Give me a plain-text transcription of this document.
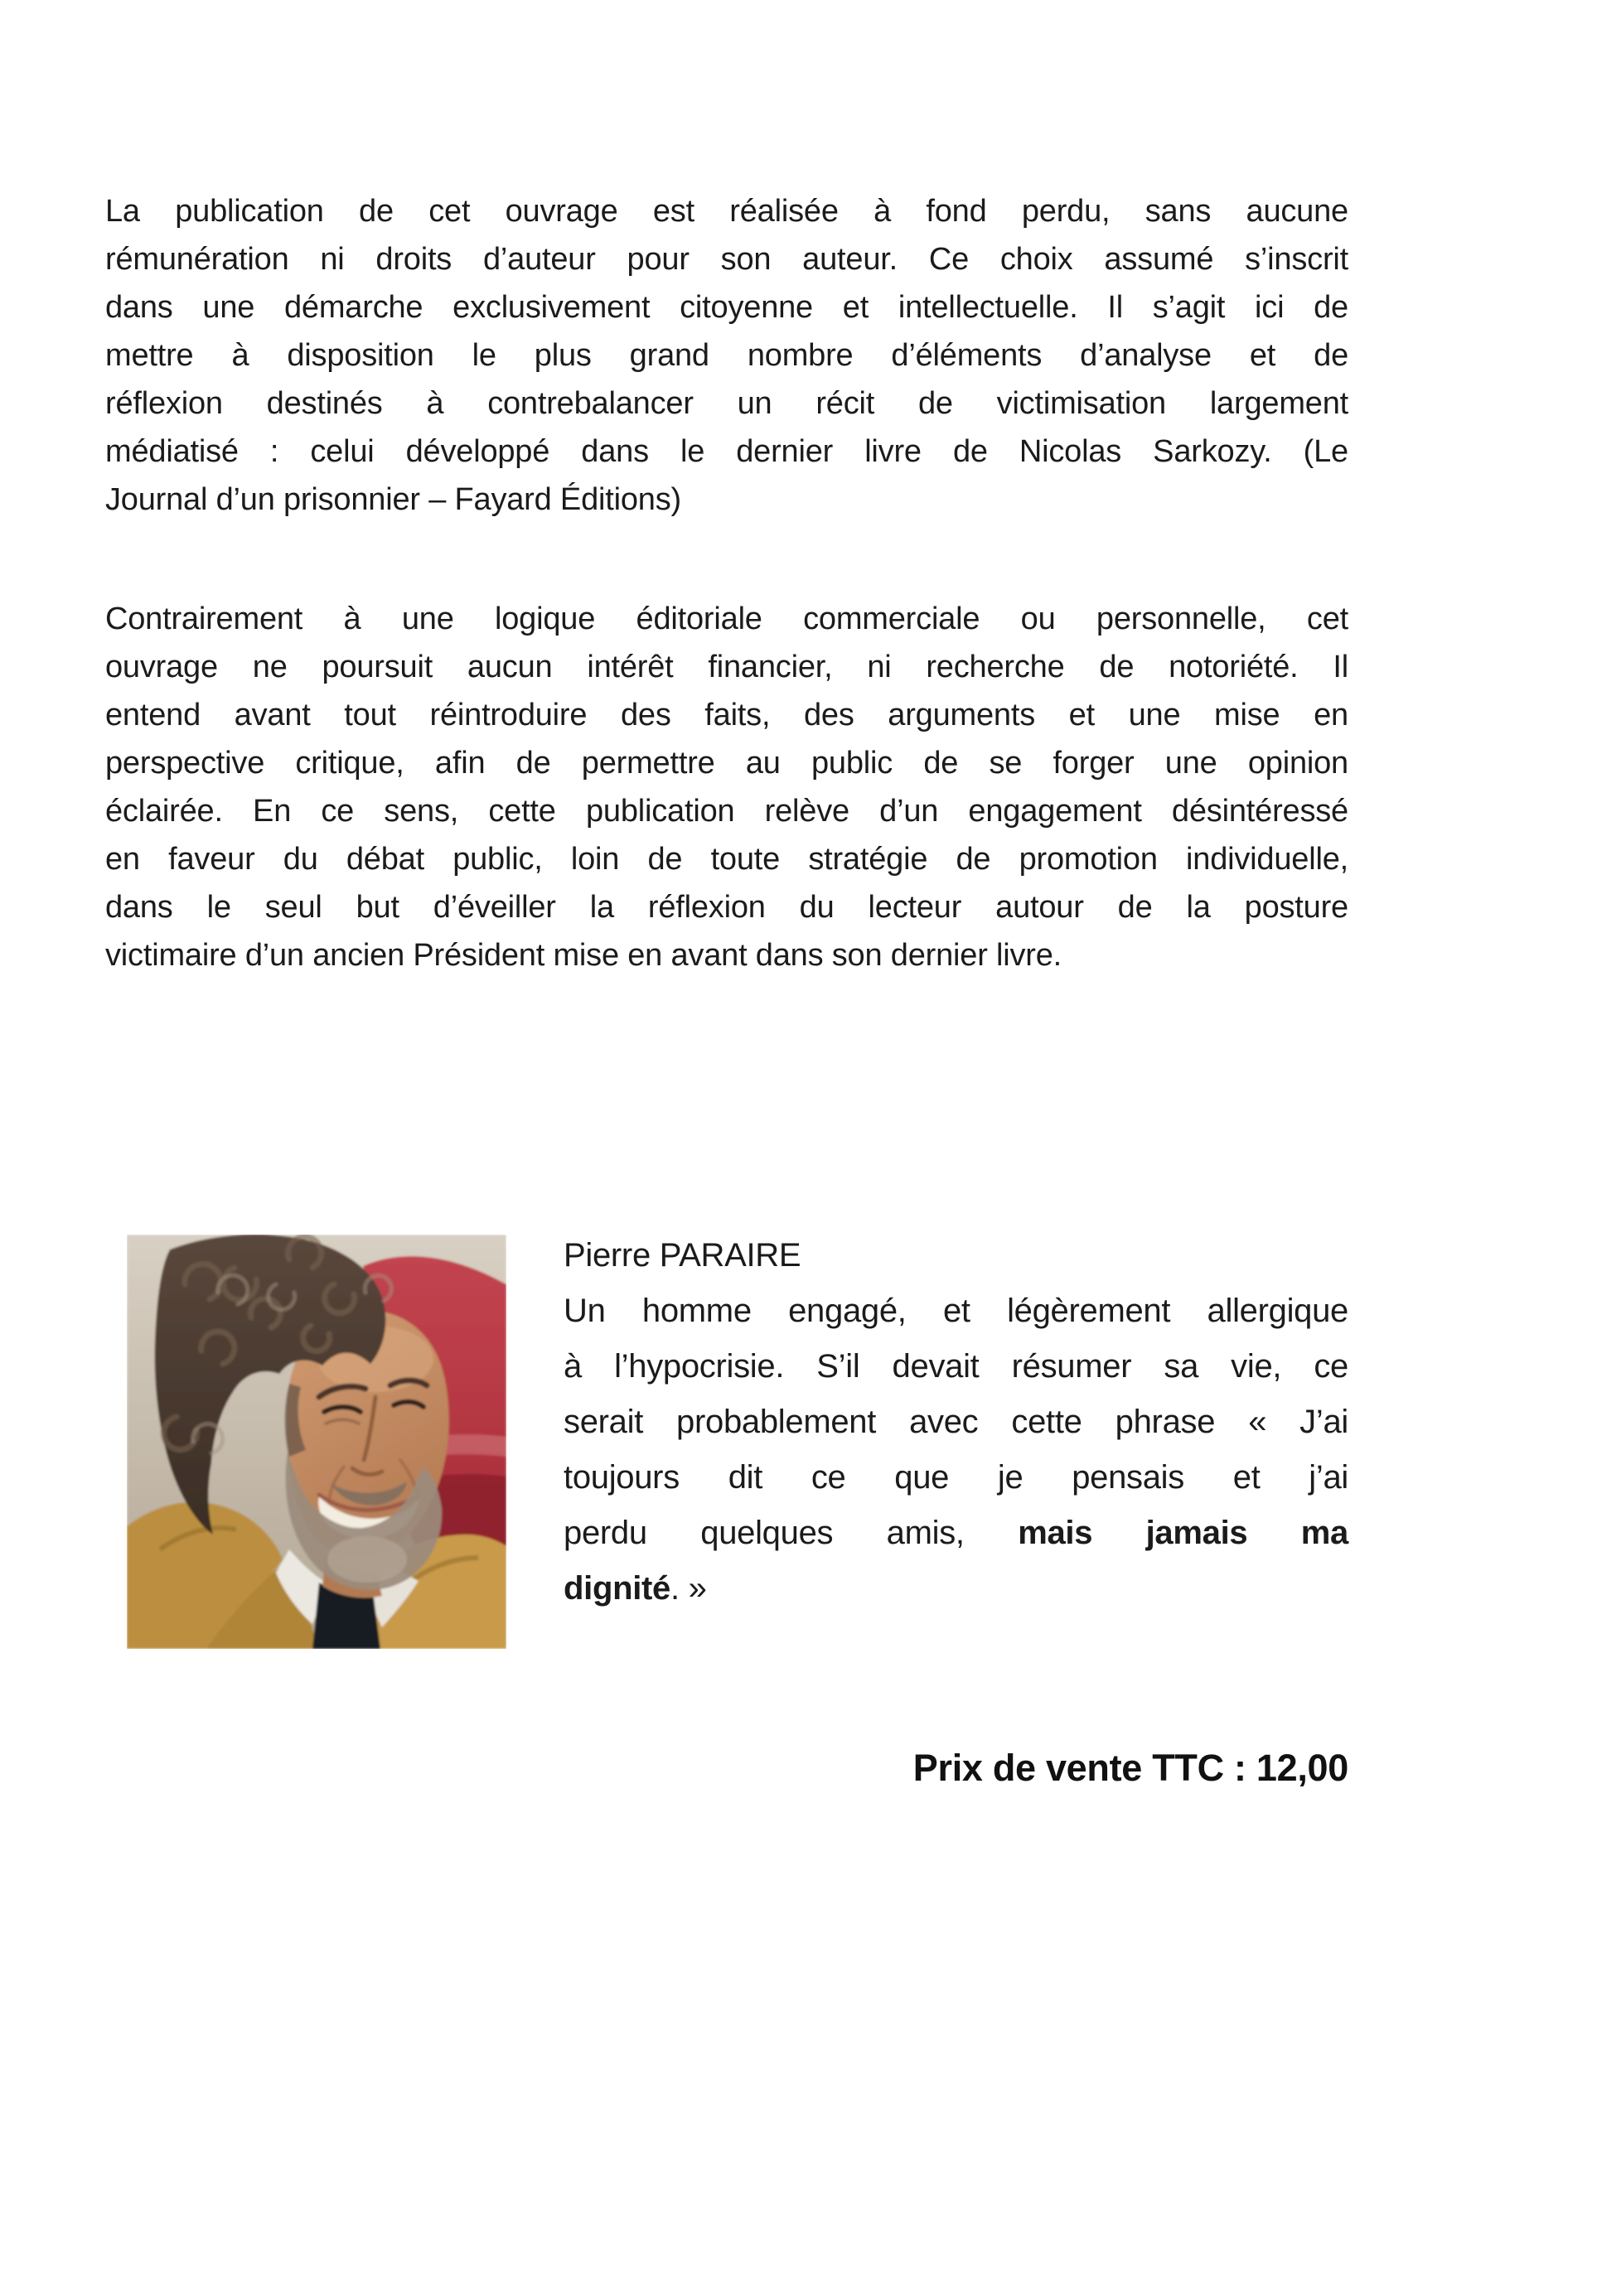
La publication de cet ouvrage est réalisée à fond perdu, sans aucune
rémunération ni droits d’auteur pour son auteur. Ce choix assumé s’inscrit
dans une démarche exclusivement citoyenne et intellectuelle. Il s’agit ici de
mettre à disposition le plus grand nombre d’éléments d’analyse et de
réflexion destinés à contrebalancer un récit de victimisation largement
médiatisé : celui développé dans le dernier livre de Nicolas Sarkozy. (Le
Journal d’un prisonnier – Fayard Éditions)
Contrairement à une logique éditoriale commerciale ou personnelle, cet
ouvrage ne poursuit aucun intérêt financier, ni recherche de notoriété. Il
entend avant tout réintroduire des faits, des arguments et une mise en
perspective critique, afin de permettre au public de se forger une opinion
éclairée. En ce sens, cette publication relève d’un engagement désintéressé
en faveur du débat public, loin de toute stratégie de promotion individuelle,
dans le seul but d’éveiller la réflexion du lecteur autour de la posture
victimaire d’un ancien Président mise en avant dans son dernier livre.
Pierre PARAIRE
Un homme engagé, et légèrement allergique
à l’hypocrisie. S’il devait résumer sa vie, ce
serait probablement avec cette phrase « J’ai
toujours dit ce que je pensais et j’ai
perdu quelques amis, mais jamais ma
dignité. »
Prix de vente TTC : 12,00
